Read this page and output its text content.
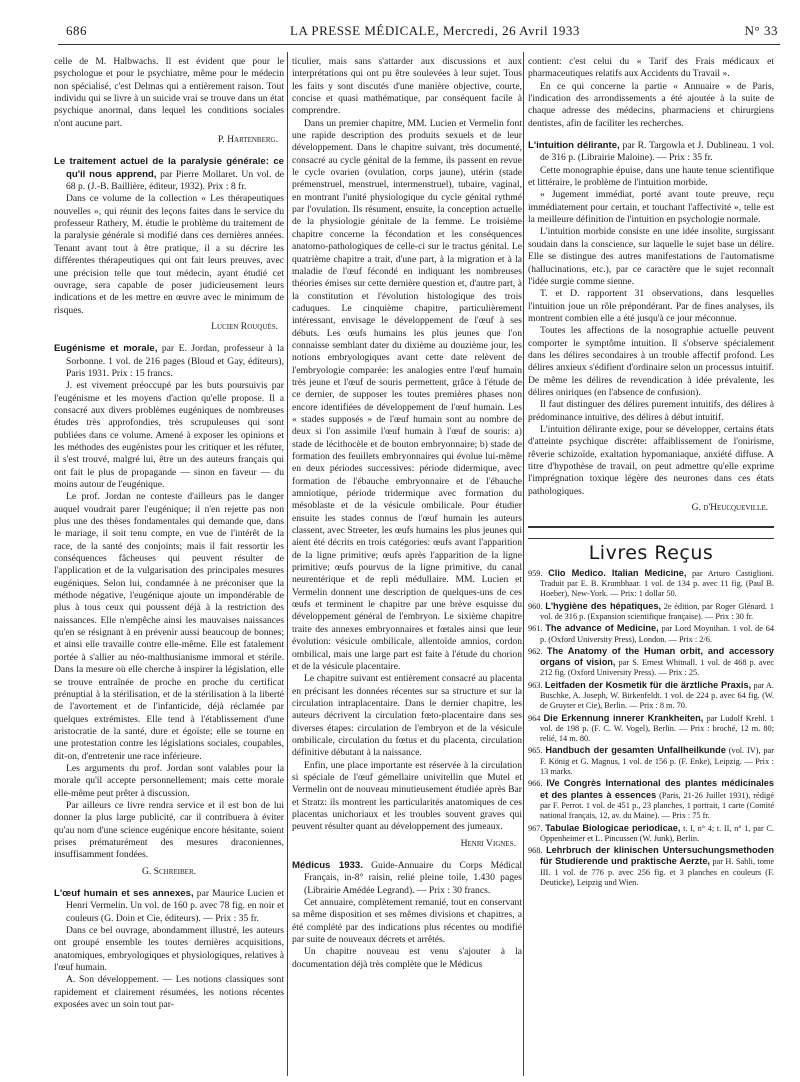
686	LA PRESSE MÉDICALE, Mercredi, 26 Avril 1933	N° 33

celle de M. Halbwachs. Il est évident que pour le psychologue et pour le psychiatre, même pour le médecin non spécialisé, c'est Delmas qui a entièrement raison. Tout individu qui se livre à un suicide vrai se trouve dans un état psychique anormal, dans lequel les conditions sociales n'ont aucune part.

P. Hartenberg.

Le traitement actuel de la paralysie générale: ce qu'il nous apprend, par Pierre Mollaret. Un vol. de 68 p. (J.-B. Baillière, éditeur, 1932). Prix : 8 fr.

Dans ce volume de la collection « Les thérapeutiques nouvelles », qui réunit des leçons faites dans le service du professeur Rathery, M. étudie le problème du traitement de la paralysie générale si modifié dans ces dernières années. Tenant avant tout à être pratique, il a su décrire les différentes thérapeutiques qui ont fait leurs preuves, avec une précision telle que tout médecin, ayant étudié cet ouvrage, sera capable de poser judicieusement leurs indications et de les mettre en œuvre avec le minimum de risques.

Lucien Rouquès.

Eugénisme et morale, par E. Jordan, professeur à la Sorbonne. 1 vol. de 216 pages (Bloud et Gay, éditeurs), Paris 1931. Prix : 15 francs.

J. est vivement préoccupé par les buts poursuivis par l'eugénisme et les moyens d'action qu'elle propose. Il a consacré aux divers problèmes eugéniques de nombreuses études très approfondies, très scrupuleuses qui sont publiées dans ce volume. Amené à exposer les opinions et les méthodes des eugénistes pour les critiquer et les réfuter, il s'est trouvé, malgré lui, être un des auteurs français qui ont fait le plus de propagande — sinon en faveur — du moins autour de l'eugénique.

Le prof. Jordan ne conteste d'ailleurs pas le danger auquel voudrait parer l'eugénique; il n'en rejette pas non plus une des thèses fondamentales qui demande que, dans le mariage, il soit tenu compte, en vue de l'intérêt de la race, de la santé des conjoints; mais il fait ressortir les conséquences fâcheuses qui peuvent résulter de l'application et de la vulgarisation des principales mesures eugéniques. Selon lui, condamnée à ne préconiser que la méthode négative, l'eugénique ajoute un impondérable de plus à tous ceux qui poussent déjà à la restriction des naissances. Elle n'empêche ainsi les mauvaises naissances qu'en se résignant à en prévenir aussi beaucoup de bonnes; et ainsi elle travaille contre elle-même. Elle est fatalement portée à s'allier au néo-malthusianisme immoral et stérile. Dans la mesure où elle cherche à inspirer la législation, elle se trouve entraînée de proche en proche du certificat prénuptial à la stérilisation, et de la stérilisation à la liberté de l'avortement et de l'infanticide, déjà réclamée par quelques extrémistes. Elle tend à l'établissement d'une aristocratie de la santé, dure et égoïste; elle se tourne en une protestation contre les législations sociales, coupables, dit-on, d'entretenir une race inférieure.

Les arguments du prof. Jordan sont valables pour la morale qu'il accepte personnellement; mais cette morale elle-même peut prêter à discussion.

Par ailleurs ce livre rendra service et il est bon de lui donner la plus large publicité, car il contribuera à éviter qu'au nom d'une science eugénique encore hésitante, soient prises prématurément des mesures draconiennes, insuffisamment fondées.

G. Schreiber.

L'œuf humain et ses annexes, par Maurice Lucien et Henri Vermelin. Un vol. de 160 p. avec 78 fig. en noir et couleurs (G. Doin et Cie, éditeurs). — Prix : 35 fr.

Dans ce bel ouvrage, abondamment illustré, les auteurs ont groupé ensemble les toutes dernières acquisitions, anatomiques, embryologiques et physiologiques, relatives à l'œuf humain.

A. Son développement. — Les notions classiques sont rapidement et clairement résumées, les notions récentes exposées avec un soin tout par-

ticulier, mais sans s'attarder aux discussions et aux interprétations qui ont pu être soulevées à leur sujet. Tous les faits y sont discutés d'une manière objective, courte, concise et quasi mathématique, par conséquent facile à comprendre.

Dans un premier chapitre, MM. Lucien et Vermelin font une rapide description des produits sexuels et de leur développement. Dans le chapitre suivant, très documenté, consacré au cycle génital de la femme, ils passent en revue le cycle ovarien (ovulation, corps jaune), utérin (stade prémenstruel, menstruel, intermenstruel), tubaire, vaginal, en montrant l'unité physiologique du cycle génital rythmé par l'ovulation. Ils résument, ensuite, la conception actuelle de la physiologie génitale de la femme. Le troisième chapitre concerne la fécondation et les conséquences anatomo-pathologiques de celle-ci sur le tractus génital. Le quatrième chapitre a trait, d'une part, à la migration et à la maladie de l'œuf fécondé en indiquant les nombreuses théories émises sur cette dernière question et, d'autre part, à la constitution et l'évolution histologique des trois caduques. Le cinquième chapitre, particulièrement intéressant, envisage le développement de l'œuf à ses débuts. Les œufs humains les plus jeunes que l'on connaisse semblant dater du dixième au douzième jour, les notions embryologiques avant cette date relèvent de l'embryologie comparée: les analogies entre l'œuf humain très jeune et l'œuf de souris permettent, grâce à l'étude de ce dernier, de supposer les toutes premières phases non encore identifiées de développement de l'œuf humain. Les « stades supposés » de l'œuf humain sont au nombre de deux si l'on assimile l'œuf humain à l'œuf de souris: a) stade de lécithocèle et de bouton embryonnaire; b) stade de formation des feuillets embryonnaires qui évolue lui-même en deux périodes successives: période didermique, avec formation de l'ébauche embryonnaire et de l'ébauche amniotique, période tridermique avec formation du mésoblaste et de la vésicule ombilicale. Pour étudier ensuite les stades connus de l'œuf humain les auteurs classent, avec Streeter, les œufs humains les plus jeunes qui aient été décrits en trois catégories: œufs avant l'apparition de la ligne primitive; œufs après l'apparition de la ligne primitive; œufs pourvus de la ligne primitive, du canal neurentérique et de repli médullaire. MM. Lucien et Vermelin donnent une description de quelques-uns de ces œufs et terminent le chapitre par une brève esquisse du développement général de l'embryon. Le sixième chapitre traite des annexes embryonnaires et fœtales ainsi que leur évolution: vésicule ombilicale, allentoïde amnios, cordon ombilical, mais une large part est faite à l'étude du chorion et de la vésicule placentaire.

Le chapitre suivant est entièrement consacré au placenta en précisant les données récentes sur sa structure et sur la circulation intraplacentaire. Dans le dernier chapitre, les auteurs décrivent la circulation fœto-placentaire dans ses diverses étapes: circulation de l'embryon et de la vésicule ombilicale, circulation du fœtus et du placenta, circulation définitive débutant à la naissance.

Enfin, une place importante est réservée à la circulation si spéciale de l'œuf gémellaire univitellin que Mutel et Vermelin ont de nouveau minutieusement étudiée après Bar et Stratz: ils montrent les particularités anatomiques de ces placentas unichoriaux et les troubles souvent graves qui peuvent résulter quant au développement des jumeaux.

Henri Vignes.

Médicus 1933. Guide-Annuaire du Corps Médical Français, in-8° raisin, relié pleine toile, 1.430 pages (Librairie Amédée Legrand). — Prix : 30 francs.

Cet annuaire, complètement remanié, tout en conservant sa même disposition et ses mêmes divisions et chapitres, a été complété par des indications plus récentes ou modifié par suite de nouveaux décrets et arrêtés.

Un chapitre nouveau est venu s'ajouter à la documentation déjà très complète que le Médicus

contient: c'est celui du « Tarif des Frais médicaux et pharmaceutiques relatifs aux Accidents du Travail ».

En ce qui concerne la partie « Annuaire » de Paris, l'indication des arrondissements a été ajoutée à la suite de chaque adresse des médecins, pharmaciens et chirurgiens dentistes, afin de faciliter les recherches.

L'intuition délirante, par R. Targowla et J. Dublineau. 1 vol. de 316 p. (Librairie Maloine). — Prix : 35 fr.

Cette monographie épuise, dans une haute tenue scientifique et littéraire, le problème de l'intuition morbide.

« Jugement immédiat, porté avant toute preuve, reçu immédiatement pour certain, et touchant l'affectivité », telle est la meilleure définition de l'intuition en psychologie normale.

L'intuition morbide consiste en une idée insolite, surgissant soudain dans la conscience, sur laquelle le sujet base un délire. Elle se distingue des autres manifestations de l'automatisme (hallucinations, etc.), par ce caractère que le sujet reconnaît l'idée surgie comme sienne.

T. et D. rapportent 31 observations, dans lesquelles l'intuition joue un rôle prépondérant. Par de fines analyses, ils montrent combien elle a été jusqu'à ce jour méconnue.

Toutes les affections de la nosographie actuelle peuvent comporter le symptôme intuition. Il s'observe spécialement dans les délires secondaires à un trouble affectif profond. Les délires anxieux s'édifient d'ordinaire selon un processus intuitif. De même les délires de revendication à idée prévalente, les délires oniriques (en l'absence de confusion).

Il faut distinguer des délires purement intuitifs, des délires à prédominance intuitive, des délires à début intuitif.

L'intuition délirante exige, pour se développer, certains états d'atteinte psychique discrète: affaiblissement de l'onirisme, rêverie schizoïde, exaltation hypomaniaque, anxiété diffuse. A titre d'hypothèse de travail, on peut admettre qu'elle exprime l'imprégnation toxique légère des neurones dans ces états pathologiques.

G. d'Heucqueville.

Livres Reçus

959. Clio Medico. Italian Medicine, par Arturo Castiglioni. Traduit par E. B. Krumbhaar. 1 vol. de 134 p. avec 11 fig. (Paul B. Hoeber), New-York. — Prix: 1 dollar 50.

960. L'hygiène des hépatiques, 2e édition, par Roger Glénard. 1 vol. de 316 p. (Expansion scientifique française). — Prix : 30 fr.

961. The advance of Medicine, par Lord Moynihan. 1 vol. de 64 p. (Oxford University Press), London. — Prix : 2/6.

962. The Anatomy of the Human orbit, and accessory organs of vision, par S. Ernest Whitnall. 1 vol. de 468 p. avec 212 fig. (Oxford University Press). — Prix : 25.

963. Leitfaden der Kosmetik für die ärztliche Praxis, par A. Buschke, A. Joseph, W. Birkenfeldt. 1 vol. de 224 p. avec 64 fig. (W. de Gruyter et Cie), Berlin. — Prix : 8 m. 70.

964 Die Erkennung innerer Krankheiten, par Ludolf Krehl. 1 vol. de 198 p. (F. C. W. Vogel), Berlin. — Prix : broché, 12 m. 80; relié, 14 m. 80.

965. Handbuch der gesamten Unfallheilkunde (vol. IV), par F. König et G. Magnus, 1 vol. de 156 p. (F. Enke), Leipzig. — Prix : 13 marks.

966. IVe Congrès International des plantes médicinales et des plantes à essences (Paris, 21-26 Juillet 1931), rédigé par F. Perrot. 1 vol. de 451 p., 23 planches, 1 portrait, 1 carte (Comité national français, 12, av. du Maine). — Prix : 75 fr.

967. Tabulae Biologicae periodicae, t. I, n° 4; t. II, n° 1, par C. Oppenheimer et L. Pincussen (W. Junk), Berlin.

968. Lehrbruch der klinischen Untersuchungsmethoden für Studierende und praktische Aerzte, par H. Sahli, tome III. 1 vol. de 776 p. avec 256 fig. et 3 planches en couleurs (F. Deuticke), Leipzig und Wien.
